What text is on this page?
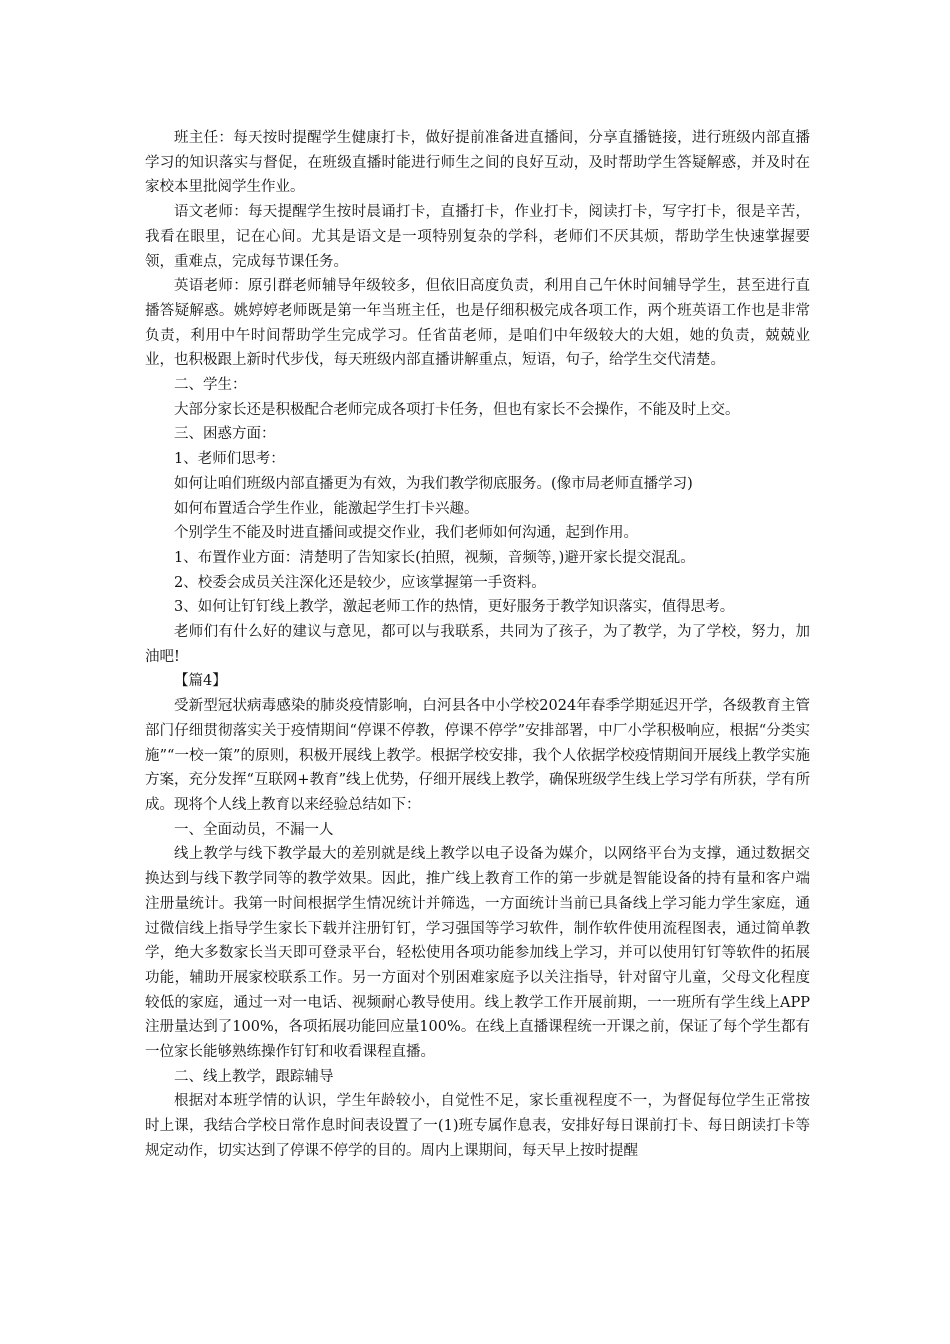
班主任：每天按时提醒学生健康打卡，做好提前准备进直播间，分享直播链接，进行班级内部直播学习的知识落实与督促，在班级直播时能进行师生之间的良好互动，及时帮助学生答疑解惑，并及时在家校本里批阅学生作业。

语文老师：每天提醒学生按时晨诵打卡，直播打卡，作业打卡，阅读打卡，写字打卡，很是辛苦，我看在眼里，记在心间。尤其是语文是一项特别复杂的学科，老师们不厌其烦，帮助学生快速掌握要领，重难点，完成每节课任务。

英语老师：原引群老师辅导年级较多，但依旧高度负责，利用自己午休时间辅导学生，甚至进行直播答疑解惑。姚婷婷老师既是第一年当班主任，也是仔细积极完成各项工作，两个班英语工作也是非常负责，利用中午时间帮助学生完成学习。任省苗老师，是咱们中年级较大的大姐，她的负责，兢兢业业，也积极跟上新时代步伐，每天班级内部直播讲解重点，短语，句子，给学生交代清楚。

二、学生：

大部分家长还是积极配合老师完成各项打卡任务，但也有家长不会操作，不能及时上交。

三、困惑方面：

1、老师们思考：

如何让咱们班级内部直播更为有效，为我们教学彻底服务。(像市局老师直播学习)

如何布置适合学生作业，能激起学生打卡兴趣。

个别学生不能及时进直播间或提交作业，我们老师如何沟通，起到作用。

1、布置作业方面：清楚明了告知家长(拍照，视频，音频等，)避开家长提交混乱。

2、校委会成员关注深化还是较少，应该掌握第一手资料。

3、如何让钉钉线上教学，激起老师工作的热情，更好服务于教学知识落实，值得思考。

老师们有什么好的建议与意见，都可以与我联系，共同为了孩子，为了教学，为了学校，努力，加油吧!

【篇4】

受新型冠状病毒感染的肺炎疫情影响，白河县各中小学校2024年春季学期延迟开学，各级教育主管部门仔细贯彻落实关于疫情期间“停课不停教，停课不停学”安排部署，中厂小学积极响应，根据“分类实施”“一校一策”的原则，积极开展线上教学。根据学校安排，我个人依据学校疫情期间开展线上教学实施方案，充分发挥“互联网+教育”线上优势，仔细开展线上教学，确保班级学生线上学习学有所获，学有所成。现将个人线上教育以来经验总结如下：

一、全面动员，不漏一人

线上教学与线下教学最大的差别就是线上教学以电子设备为媒介，以网络平台为支撑，通过数据交换达到与线下教学同等的教学效果。因此，推广线上教育工作的第一步就是智能设备的持有量和客户端注册量统计。我第一时间根据学生情况统计并筛选，一方面统计当前已具备线上学习能力学生家庭，通过微信线上指导学生家长下载并注册钉钉，学习强国等学习软件，制作软件使用流程图表，通过简单教学，绝大多数家长当天即可登录平台，轻松使用各项功能参加线上学习，并可以使用钉钉等软件的拓展功能，辅助开展家校联系工作。另一方面对个别困难家庭予以关注指导，针对留守儿童，父母文化程度较低的家庭，通过一对一电话、视频耐心教导使用。线上教学工作开展前期，一一班所有学生线上APP注册量达到了100%，各项拓展功能回应量100%。在线上直播课程统一开课之前，保证了每个学生都有一位家长能够熟练操作钉钉和收看课程直播。

二、线上教学，跟踪辅导

根据对本班学情的认识，学生年龄较小，自觉性不足，家长重视程度不一，为督促每位学生正常按时上课，我结合学校日常作息时间表设置了一(1)班专属作息表，安排好每日课前打卡、每日朗读打卡等规定动作，切实达到了停课不停学的目的。周内上课期间，每天早上按时提醒
